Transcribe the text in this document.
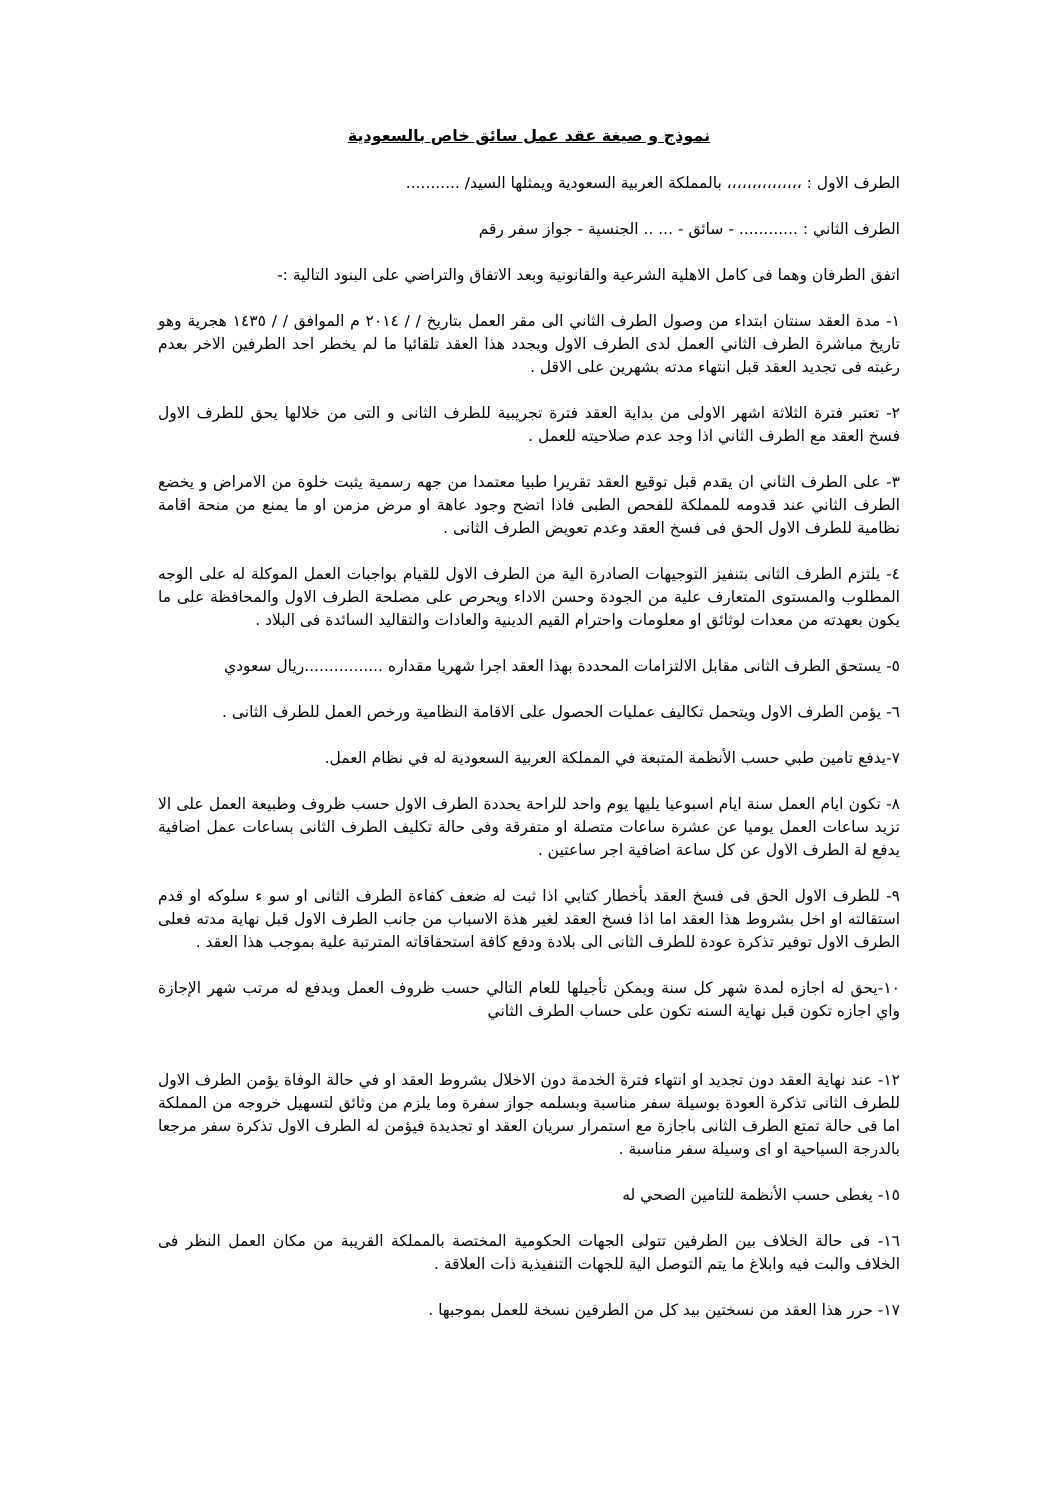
نموذج و صيغة عقد عمل سائق خاص بالسعودية

الطرف الاول : ،،،،،،،،،،،،،،، بالمملكة العربية السعودية ويمثلها السيد/ ...........

الطرف الثاني : ............ - سائق - ... .. الجنسية - جواز سفر رقم

اتفق الطرفان وهما فى كامل الاهلية الشرعية والقانونية وبعد الاتفاق والتراضي على البنود التالية :-

١- مدة العقد سنتان ابتداء من وصول الطرف الثاني الى مقر العمل بتاريخ / / ٢٠١٤ م الموافق / / ١٤٣٥ هجرية وهو تاريخ مباشرة الطرف الثاني العمل لدى الطرف الاول ويجدد هذا العقد تلقائيا ما لم يخطر احد الطرفين الاخر بعدم رغبته فى تجديد العقد قبل انتهاء مدته بشهرين على الاقل .

٢- تعتبر فترة الثلاثة اشهر الاولى من بداية العقد فترة تجريبية للطرف الثانى و التى من خلالها يحق للطرف الاول فسخ العقد مع الطرف الثاني اذا وجد عدم صلاحيته للعمل .

٣- على الطرف الثاني ان يقدم قبل توقيع العقد تقريرا طبيا معتمدا من جهه رسمية يثبت خلوة من الامراض و يخضع الطرف الثاني عند قدومه للمملكة للفحص الطبى فاذا اتضح وجود عاهة او مرض مزمن او ما يمنع من منحة اقامة نظامية للطرف الاول الحق فى فسخ العقد وعدم تعويض الطرف الثانى .

٤- يلتزم الطرف الثانى بتنفيز التوجيهات الصادرة الية من الطرف الاول للقيام بواجبات العمل الموكلة له على الوجه المطلوب والمستوى المتعارف علية من الجودة وحسن الاداء ويحرص على مصلحة الطرف الاول والمحافظة على ما يكون بعهدته من معدات لوثائق او معلومات واحترام القيم الدينية والعادات والتقاليد السائدة فى البلاد .

٥- يستحق الطرف الثانى مقابل الالتزامات المحددة بهذا العقد اجرا شهريا مقداره ................ريال سعودي

٦- يؤمن الطرف الاول ويتحمل تكاليف عمليات الحصول على الاقامة النظامية ورخص العمل للطرف الثانى .

٧-يدفع تامين طبي حسب الأنظمة المتبعة في المملكة العربية السعودية له في نظام العمل.

٨- تكون ايام العمل سنة ايام اسبوعيا يليها يوم واحد للراحة يحددة الطرف الاول حسب ظروف وطبيعة العمل على الا تزيد ساعات العمل يوميا عن عشرة ساعات متصلة او متفرقة وفى حالة تكليف الطرف الثانى بساعات عمل اضافية يدفع لة الطرف الاول عن كل ساعة اضافية اجر ساعتين .

٩- للطرف الاول الحق فى فسخ العقد بأخطار كتابي اذا ثبت له ضعف كفاءة الطرف الثانى او سو ء سلوكه او قدم استقالته او اخل بشروط هذا العقد اما اذا فسخ العقد لغير هذة الاسباب من جانب الطرف الاول قبل نهاية مدته فعلى الطرف الاول توفير تذكرة عودة للطرف الثانى الى بلادة ودفع كافة استحقاقاته المترتبة علية بموجب هذا العقد .

١٠-يحق له اجازه لمدة شهر كل سنة ويمكن تأجيلها للعام التالي حسب ظروف العمل ويدفع له مرتب شهر الإجازة واي اجازه تكون قبل نهاية السنه تكون على حساب الطرف الثاني

١٢- عند نهاية العقد دون تجديد او انتهاء فترة الخدمة دون الاخلال بشروط العقد او في حالة الوفاة يؤمن الطرف الاول للطرف الثانى تذكرة العودة بوسيلة سفر مناسبة وبسلمه جواز سفرة وما يلزم من وثائق لتسهيل خروجه من المملكة اما فى حالة تمتع الطرف الثانى باجازة مع استمرار سريان العقد او تجديدة فيؤمن له الطرف الاول تذكرة سفر مرجعا بالدرجة السياحية او اى وسيلة سفر مناسبة .

١٥- يغطى حسب الأنظمة للتامين الصحي له

١٦- فى حالة الخلاف بين الطرفين تتولى الجهات الحكومية المختصة بالمملكة القريبة من مكان العمل النظر فى الخلاف والبت فيه وابلاغ ما يتم التوصل الية للجهات التنفيذية ذات العلاقة .

١٧- حرر هذا العقد من نسختين بيد كل من الطرفين نسخة للعمل بموجبها .
